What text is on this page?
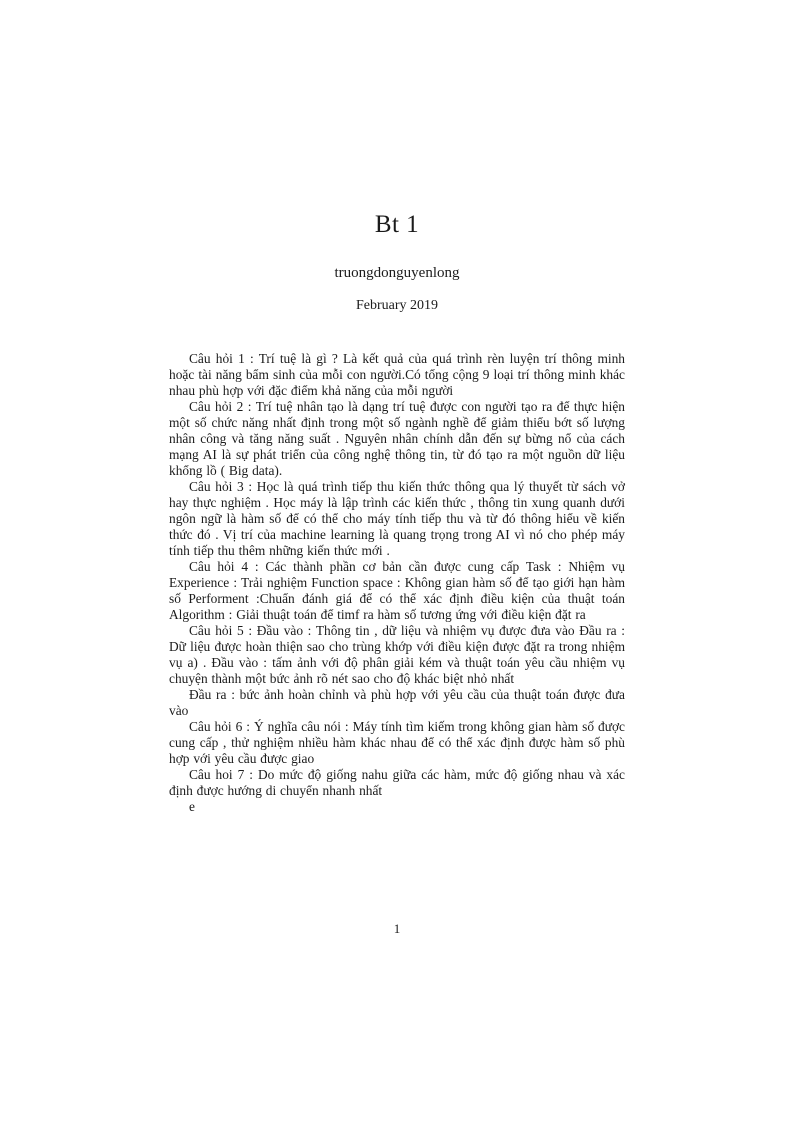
Bt 1
truongdonguyenlong
February 2019

Câu hỏi 1 : Trí tuệ là gì ? Là kết quả của quá trình rèn luyện trí thông minh hoặc tài năng bẩm sinh của mỗi con người.Có tổng cộng 9 loại trí thông minh khác nhau phù hợp với đặc điểm khả năng của mỗi người

Câu hỏi 2 : Trí tuệ nhân tạo là dạng trí tuệ được con người tạo ra để thực hiện một số chức năng nhất định trong một số ngành nghề để giảm thiểu bớt số lượng nhân công và tăng năng suất . Nguyên nhân chính dẫn đến sự bừng nổ của cách mạng AI là sự phát triển của công nghệ thông tin, từ đó tạo ra một nguồn dữ liệu khổng lồ ( Big data).

Câu hỏi 3 : Học là quá trình tiếp thu kiến thức thông qua lý thuyết từ sách vở hay thực nghiệm . Học máy là lập trình các kiến thức , thông tin xung quanh dưới ngôn ngữ là hàm số để có thể cho máy tính tiếp thu và từ đó thông hiểu về kiến thức đó . Vị trí của machine learning là quang trọng trong AI vì nó cho phép máy tính tiếp thu thêm những kiến thức mới .

Câu hỏi 4 : Các thành phần cơ bản cần được cung cấp Task : Nhiệm vụ Experience : Trải nghiệm Function space : Không gian hàm số để tạo giới hạn hàm số Performent :Chuẩn đánh giá để có thể xác định điều kiện của thuật toán Algorithm : Giải thuật toán để timf ra hàm số tương ứng với điều kiện đặt ra

Câu hỏi 5 : Đầu vào : Thông tin , dữ liệu và nhiệm vụ được đưa vào Đầu ra : Dữ liệu được hoàn thiện sao cho trùng khớp với điều kiện được đặt ra trong nhiệm vụ a) . Đầu vào : tấm ảnh với độ phân giải kém và thuật toán yêu cầu nhiệm vụ chuyện thành một bức ảnh rõ nét sao cho độ khác biệt nhỏ nhất

Đầu ra : bức ảnh hoàn chỉnh và phù hợp với yêu cầu của thuật toán được đưa vào

Câu hỏi 6 : Ý nghĩa câu nói : Máy tính tìm kiếm trong không gian hàm số được cung cấp , thử nghiệm nhiều hàm khác nhau để có thể xác định được hàm số phù hợp với yêu cầu được giao

Câu hoi 7 : Do mức độ giống nahu giữa các hàm, mức độ giống nhau và xác định được hướng di chuyển nhanh nhất

e

1
